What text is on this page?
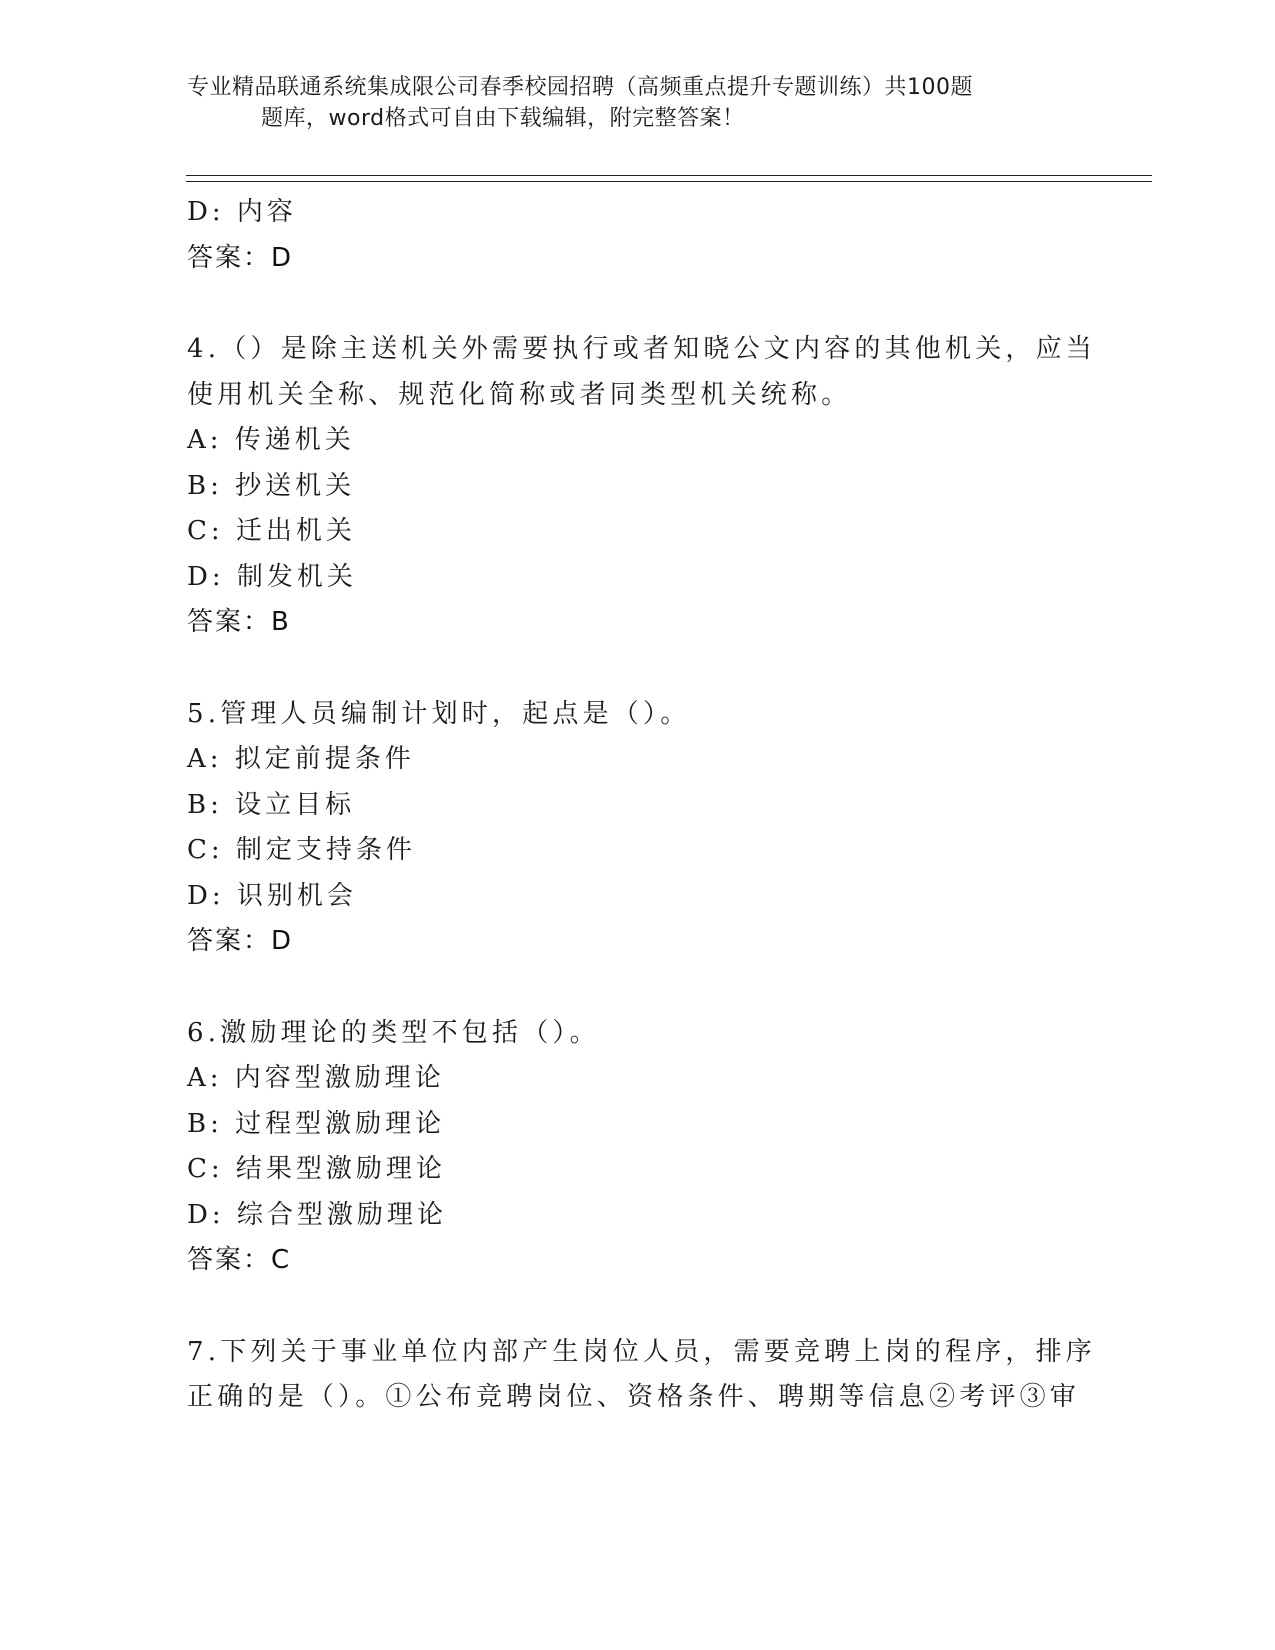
专业精品联通系统集成限公司春季校园招聘（高频重点提升专题训练）共100题
题库，word格式可自由下载编辑，附完整答案！
D: 内容
答案：D
4.（）是除主送机关外需要执行或者知晓公文内容的其他机关，应当
使用机关全称、规范化简称或者同类型机关统称。
A: 传递机关
B: 抄送机关
C: 迁出机关
D: 制发机关
答案：B
5.管理人员编制计划时，起点是（）。
A: 拟定前提条件
B: 设立目标
C: 制定支持条件
D: 识别机会
答案：D
6.激励理论的类型不包括（）。
A: 内容型激励理论
B: 过程型激励理论
C: 结果型激励理论
D: 综合型激励理论
答案：C
7.下列关于事业单位内部产生岗位人员，需要竞聘上岗的程序，排序
正确的是（）。①公布竞聘岗位、资格条件、聘期等信息②考评③审
